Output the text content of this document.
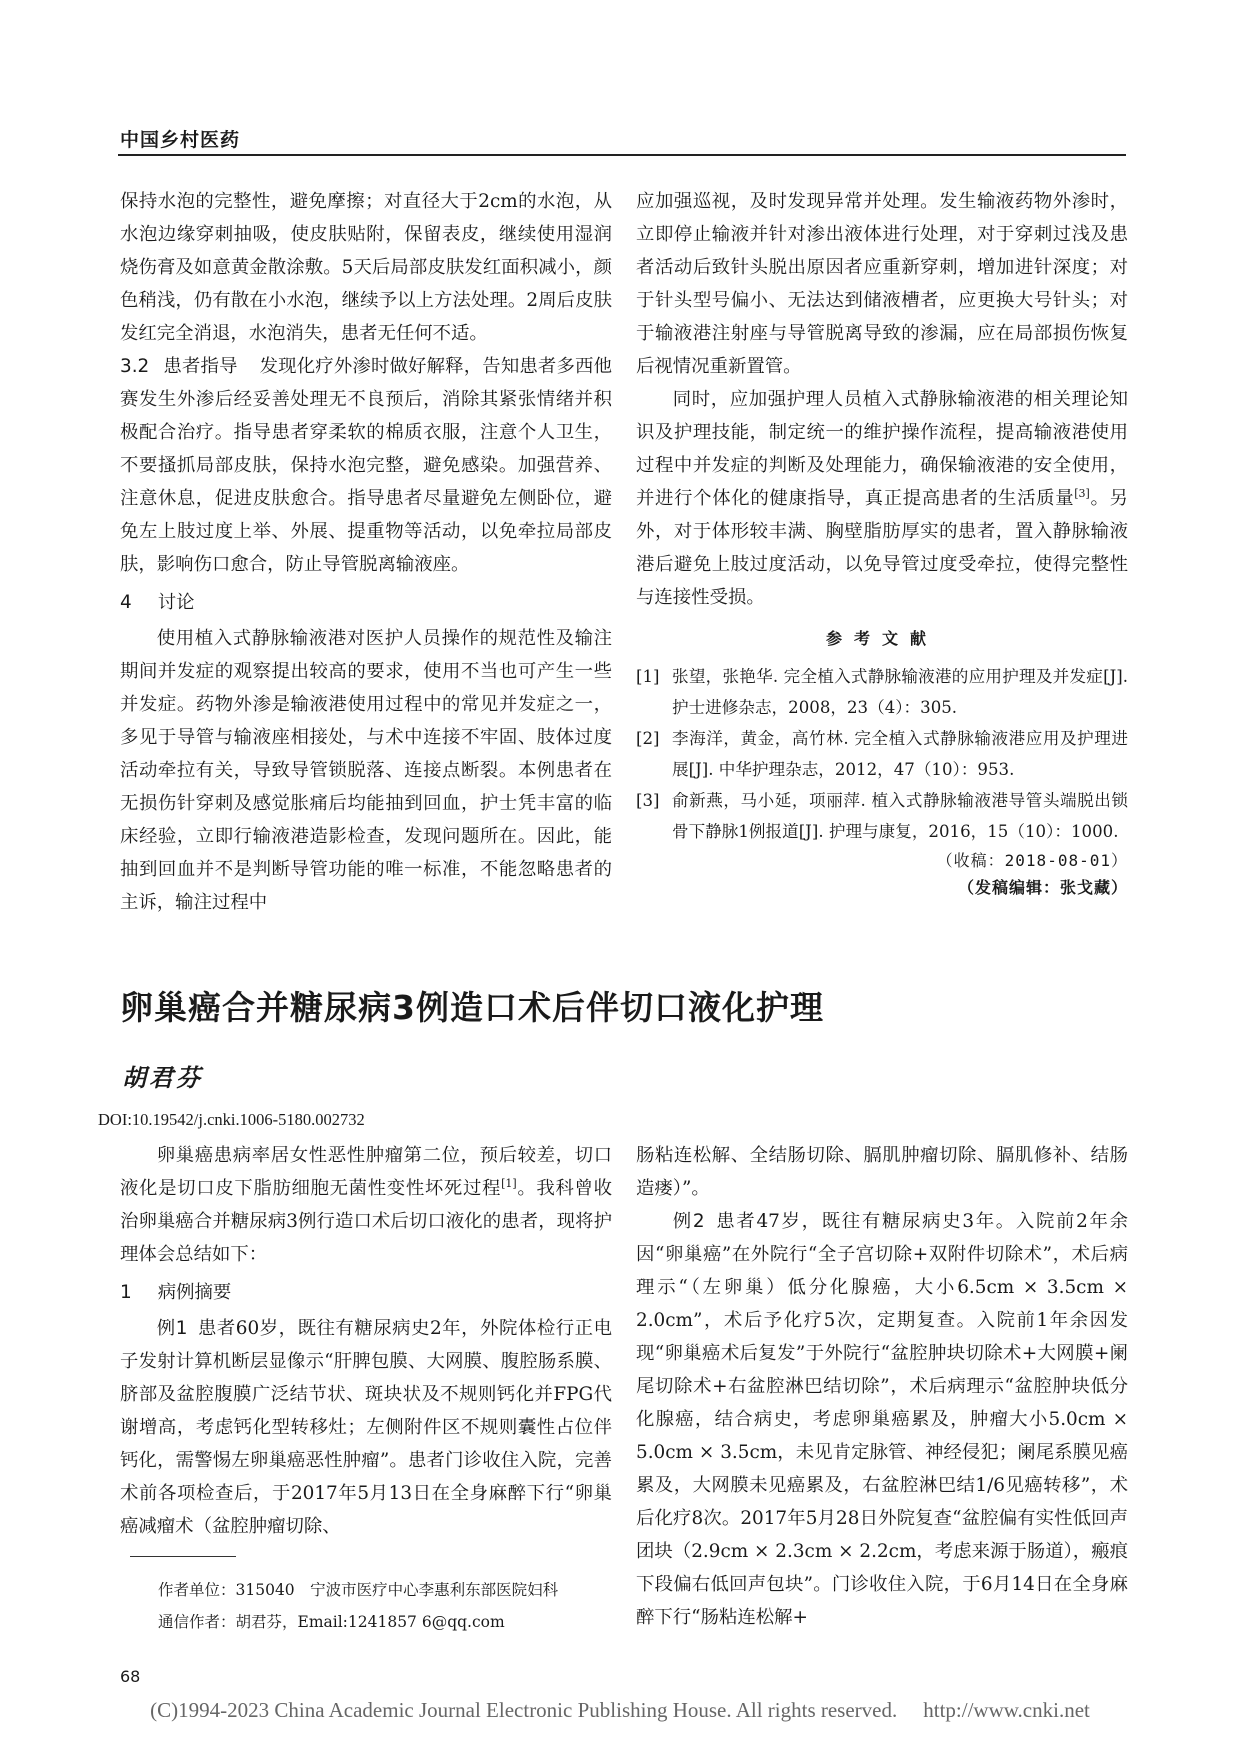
中国乡村医药

保持水泡的完整性，避免摩擦；对直径大于2cm的水泡，从水泡边缘穿刺抽吸，使皮肤贴附，保留表皮，继续使用湿润烧伤膏及如意黄金散涂敷。5天后局部皮肤发红面积减小，颜色稍浅，仍有散在小水泡，继续予以上方法处理。2周后皮肤发红完全消退，水泡消失，患者无任何不适。

3.2 患者指导 发现化疗外渗时做好解释，告知患者多西他赛发生外渗后经妥善处理无不良预后，消除其紧张情绪并积极配合治疗。指导患者穿柔软的棉质衣服，注意个人卫生，不要搔抓局部皮肤，保持水泡完整，避免感染。加强营养、注意休息，促进皮肤愈合。指导患者尽量避免左侧卧位，避免左上肢过度上举、外展、提重物等活动，以免牵拉局部皮肤，影响伤口愈合，防止导管脱离输液座。

4 讨论

使用植入式静脉输液港对医护人员操作的规范性及输注期间并发症的观察提出较高的要求，使用不当也可产生一些并发症。药物外渗是输液港使用过程中的常见并发症之一，多见于导管与输液座相接处，与术中连接不牢固、肢体过度活动牵拉有关，导致导管锁脱落、连接点断裂。本例患者在无损伤针穿刺及感觉胀痛后均能抽到回血，护士凭丰富的临床经验，立即行输液港造影检查，发现问题所在。因此，能抽到回血并不是判断导管功能的唯一标准，不能忽略患者的主诉，输注过程中

应加强巡视，及时发现异常并处理。发生输液药物外渗时，立即停止输液并针对渗出液体进行处理，对于穿刺过浅及患者活动后致针头脱出原因者应重新穿刺，增加进针深度；对于针头型号偏小、无法达到储液槽者，应更换大号针头；对于输液港注射座与导管脱离导致的渗漏，应在局部损伤恢复后视情况重新置管。

同时，应加强护理人员植入式静脉输液港的相关理论知识及护理技能，制定统一的维护操作流程，提高输液港使用过程中并发症的判断及处理能力，确保输液港的安全使用，并进行个体化的健康指导，真正提高患者的生活质量[3]。另外，对于体形较丰满、胸壁脂肪厚实的患者，置入静脉输液港后避免上肢过度活动，以免导管过度受牵拉，使得完整性与连接性受损。

参考文献
[1] 张望，张艳华. 完全植入式静脉输液港的应用护理及并发症[J]. 护士进修杂志，2008，23（4）：305.
[2] 李海洋，黄金，高竹林. 完全植入式静脉输液港应用及护理进展[J]. 中华护理杂志，2012，47（10）：953.
[3] 俞新燕，马小延，项丽萍. 植入式静脉输液港导管头端脱出锁骨下静脉1例报道[J]. 护理与康复，2016，15（10）：1000.
（收稿：2018-08-01）
（发稿编辑：张戈藏）
卵巢癌合并糖尿病3例造口术后伴切口液化护理
胡君芬
DOI:10.19542/j.cnki.1006-5180.002732

卵巢癌患病率居女性恶性肿瘤第二位，预后较差，切口液化是切口皮下脂肪细胞无菌性变性坏死过程[1]。我科曾收治卵巢癌合并糖尿病3例行造口术后切口液化的患者，现将护理体会总结如下：

1 病例摘要

例1 患者60岁，既往有糖尿病史2年，外院体检行正电子发射计算机断层显像示“肝脾包膜、大网膜、腹腔肠系膜、脐部及盆腔腹膜广泛结节状、斑块状及不规则钙化并FPG代谢增高，考虑钙化型转移灶；左侧附件区不规则囊性占位伴钙化，需警惕左卵巢癌恶性肿瘤”。患者门诊收住入院，完善术前各项检查后，于2017年5月13日在全身麻醉下行“卵巢癌减瘤术（盆腔肿瘤切除、

肠粘连松解、全结肠切除、膈肌肿瘤切除、膈肌修补、结肠造瘘）”。

例2 患者47岁，既往有糖尿病史3年。入院前2年余因“卵巢癌”在外院行“全子宫切除+双附件切除术”，术后病理示“（左卵巢）低分化腺癌，大小6.5cm × 3.5cm × 2.0cm”，术后予化疗5次，定期复查。入院前1年余因发现“卵巢癌术后复发”于外院行“盆腔肿块切除术+大网膜+阑尾切除术+右盆腔淋巴结切除”，术后病理示“盆腔肿块低分化腺癌，结合病史，考虑卵巢癌累及，肿瘤大小5.0cm × 5.0cm × 3.5cm，未见肯定脉管、神经侵犯；阑尾系膜见癌累及，大网膜未见癌累及，右盆腔淋巴结1/6见癌转移”，术后化疗8次。2017年5月28日外院复查“盆腔偏有实性低回声团块（2.9cm × 2.3cm × 2.2cm，考虑来源于肠道），瘢痕下段偏右低回声包块”。门诊收住入院，于6月14日在全身麻醉下行“肠粘连松解+

作者单位：315040　宁波市医疗中心李惠利东部医院妇科
通信作者：胡君芬，Email:1241857 6@qq.com
68
(C)1994-2023 China Academic Journal Electronic Publishing House. All rights reserved. http://www.cnki.net
